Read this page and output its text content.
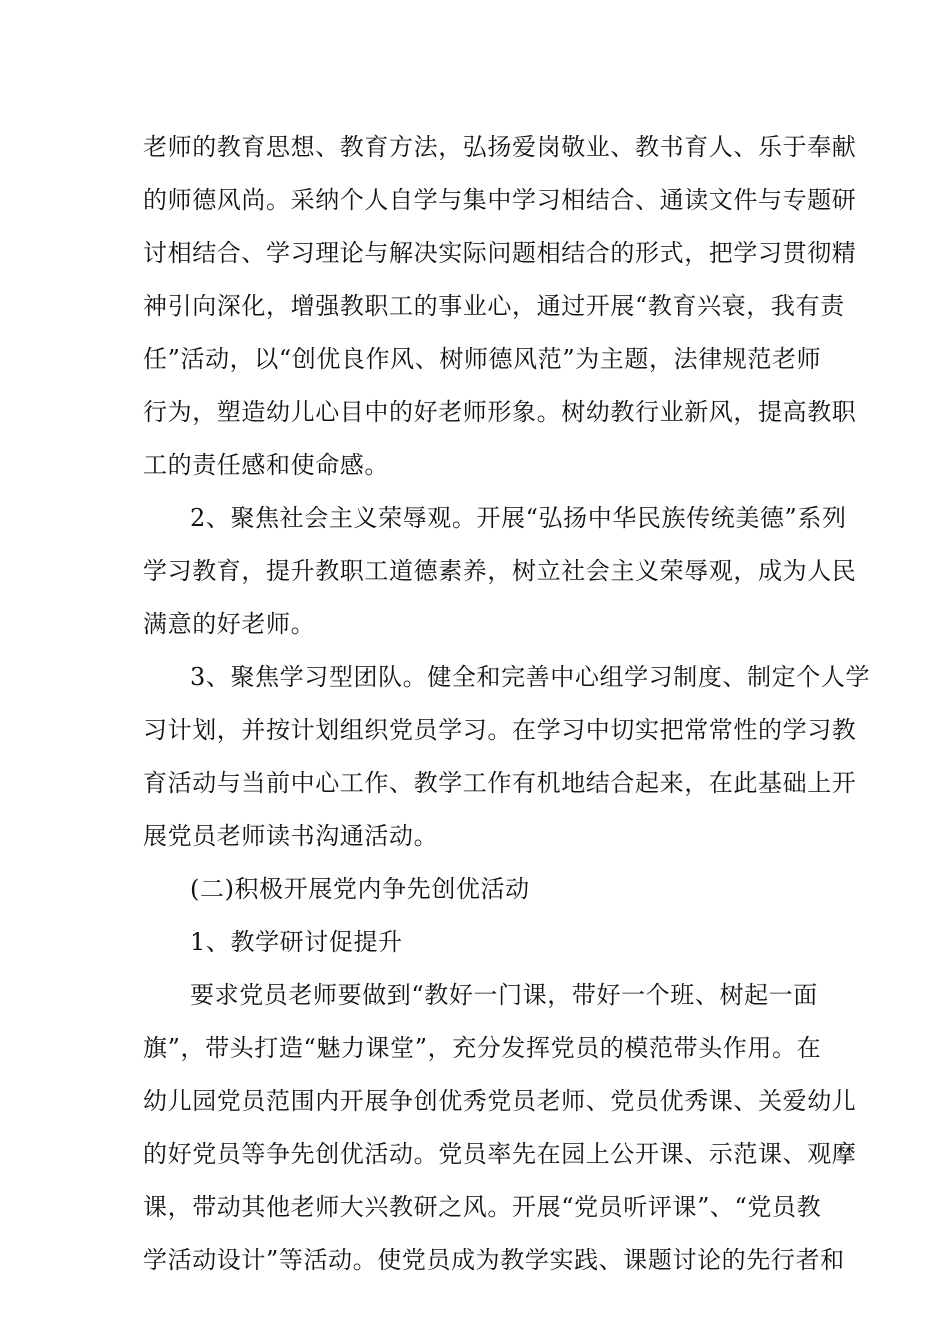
老师的教育思想、教育方法，弘扬爱岗敬业、教书育人、乐于奉献
的师德风尚。采纳个人自学与集中学习相结合、通读文件与专题研
讨相结合、学习理论与解决实际问题相结合的形式，把学习贯彻精
神引向深化，增强教职工的事业心，通过开展“教育兴衰，我有责
任”活动，以“创优良作风、树师德风范”为主题，法律规范老师
行为，塑造幼儿心目中的好老师形象。树幼教行业新风，提高教职
工的责任感和使命感。
2、聚焦社会主义荣辱观。开展“弘扬中华民族传统美德”系列
学习教育，提升教职工道德素养，树立社会主义荣辱观，成为人民
满意的好老师。
3、聚焦学习型团队。健全和完善中心组学习制度、制定个人学
习计划，并按计划组织党员学习。在学习中切实把常常性的学习教
育活动与当前中心工作、教学工作有机地结合起来，在此基础上开
展党员老师读书沟通活动。
(二)积极开展党内争先创优活动
1、教学研讨促提升
要求党员老师要做到“教好一门课，带好一个班、树起一面
旗”，带头打造“魅力课堂”，充分发挥党员的模范带头作用。在
幼儿园党员范围内开展争创优秀党员老师、党员优秀课、关爱幼儿
的好党员等争先创优活动。党员率先在园上公开课、示范课、观摩
课，带动其他老师大兴教研之风。开展“党员听评课”、“党员教
学活动设计”等活动。使党员成为教学实践、课题讨论的先行者和
